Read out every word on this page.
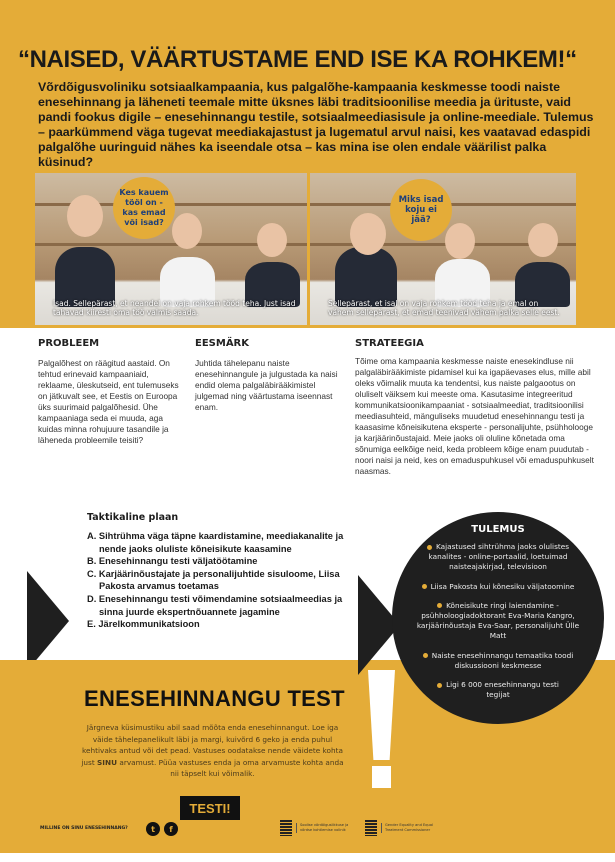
“NAISED, VÄÄRTUSTAME END ISE KA ROHKEM!“
Võrdõigusvoliniku sotsiaalkampaania, kus palgalõhe-kampaania keskmesse toodi naiste enesehinnang ja läheneti teemale mitte üksnes läbi traditsioonilise meedia ja ürituste, vaid pandi fookus digile – enesehinnangu testile, sotsiaalmeediasisule ja online-meediale. Tulemus – paarkümmend väga tugevat meediakajastust ja lugematul arvul naisi, kes vaatavad edaspidi palgalõhe uuringuid nähes ka iseendale otsa – kas mina ise olen endale väärilist palka küsinud?
Kes kauem tööl on - kas emad või isad?
Isad. Sellepärast, et neandel on vaja rohkem tööd teha. Just isad tahavad kiiresti oma töö valmis saada.
Miks isad koju ei jää?
Sellepärast, et isal on vaja rohkem tööd teha ja emal on vähem sellepärast, et emad teenivad vähem palka selle eest.
PROBLEEM
Palgalõhest on räägitud aastaid. On tehtud erinevaid kampaaniaid, reklaame, üleskutseid, ent tulemuseks on jätkuvalt see, et Eestis on Euroopa üks suurimaid palgalõhesid. Ühe kampaaniaga seda ei muuda, aga kuidas minna rohujuure tasandile ja läheneda probleemile teisiti?
EESMÄRK
Juhtida tähelepanu naiste enesehinnangule ja julgustada ka naisi endid olema palgaläbirääkimistel julgemad ning väärtustama iseennast enam.
STRATEEGIA
Tõime oma kampaania keskmesse naiste enesekindluse nii palgaläbirääkimiste pidamisel kui ka igapäevases elus, mille abil oleks võimalik muuta ka tendentsi, kus naiste palgaootus on oluliselt väiksem kui meeste oma. Kasutasime integreeritud kommunikatsioonikampaaniat - sotsiaalmeediat, traditsioonilisi meediasuhteid, mänguliseks muudetud enesehinnangu testi ja kaasasime kõneisikutena eksperte - personalijuhte, psühholooge ja karjäärinõustajaid. Meie jaoks oli oluline kõnetada oma sõnumiga eelkõige neid, keda probleem kõige enam puudutab - noori naisi ja neid, kes on emaduspuhkusel või emaduspuhkuselt naasmas.
Taktikaline plaan
A. Sihtrühma väga täpne kaardistamine, meediakanalite ja nende jaoks oluliste kõneisikute kaasamine
B. Enesehinnangu testi väljatöötamine
C. Karjäärinõustajate ja personalijuhtide sisuloome, Liisa Pakosta arvamus toetamas
D. Enesehinnangu testi võimendamine sotsiaalmeedias ja sinna juurde ekspertnõuannete jagamine
E. Järelkommunikatsioon
TULEMUS
Kajastused sihtrühma jaoks olulistes kanalites - online-portaalid, loetuimad naisteajakirjad, televisioon
Liisa Pakosta kui kõnesiku väljatoomine
Kõneisikute ringi laiendamine - psühholoogiadoktorant Eva-Maria Kangro, karjäärinõustaja Eva-Saar, personalijuht Ülle Matt
Naiste enesehinnangu temaatika toodi diskussiooni keskmesse
Ligi 6 000 enesehinnangu testi tegijat
ENESEHINNANGU TEST
Järgneva küsimustiku abil saad mõõta enda enesehinnangut. Loe iga väide tähelepanelikult läbi ja margi, kuivõrd 6 geko ja enda puhul kehtivaks antud või det pead. Vastuses oodatakse nende väidete kohta just SINU arvamust. Püüa vastuses enda ja oma arvamuste kohta anda nii täpselt kui võimalik.
TESTI!
MILLINE ON SINU ENESEHINNANG?	t	f	Soolise võrdõiguslikkuse ja võrdse kohtlemise volinik
Gender Equality and Equal Treatment Commissioner
